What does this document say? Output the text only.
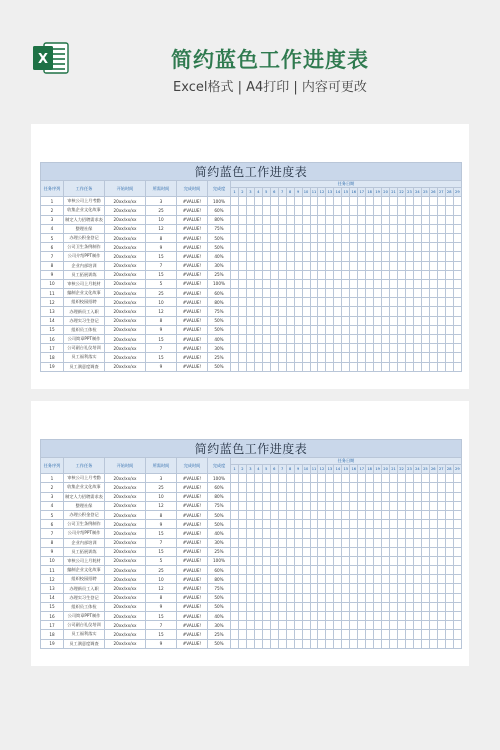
X	简约蓝色工作进度表
Excel格式 | A4打印 | 内容可更改
简约蓝色工作进度表																																		
任务序列	工作任务	开始时间	所需时间	完成时间	完成度	任务日期																												
						1	2	3	4	5	6	7	8	9	10	11	12	13	14	15	16	17	18	19	20	21	22	23	24	25	26	27	28	29
1	审核公司上月考勤	20xx/xx/xx	3	#VALUE!	100%																													
2	收集企业文化故事	20xx/xx/xx	25	#VALUE!	60%																													
3	制定人力招聘需求表	20xx/xx/xx	10	#VALUE!	80%																													
4	整理社保	20xx/xx/xx	12	#VALUE!	75%																													
5	办理公积金登记	20xx/xx/xx	8	#VALUE!	50%																													
6	公司卫生条例制作	20xx/xx/xx	9	#VALUE!	50%																													
7	公司介绍PPT制作	20xx/xx/xx	15	#VALUE!	40%																													
8	企业内部培训	20xx/xx/xx	7	#VALUE!	30%																													
9	员工拓展训练	20xx/xx/xx	15	#VALUE!	25%																													
10	审核公司上月耗材	20xx/xx/xx	5	#VALUE!	100%																													
11	编制企业文化故事	20xx/xx/xx	25	#VALUE!	60%																													
12	组织校园招聘	20xx/xx/xx	10	#VALUE!	80%																													
13	办理新员工入职	20xx/xx/xx	12	#VALUE!	75%																													
14	办理实习生登记	20xx/xx/xx	8	#VALUE!	50%																													
15	组织员工体检	20xx/xx/xx	9	#VALUE!	50%																													
16	公司简章PPT制作	20xx/xx/xx	15	#VALUE!	40%																													
17	公司副台礼仪培训	20xx/xx/xx	7	#VALUE!	30%																													
18	员工福利落实	20xx/xx/xx	15	#VALUE!	25%																													
19	员工满意度调查	20xx/xx/xx	9	#VALUE!	50%																													
简约蓝色工作进度表																																		
任务序列	工作任务	开始时间	所需时间	完成时间	完成度	任务日期																												
						1	2	3	4	5	6	7	8	9	10	11	12	13	14	15	16	17	18	19	20	21	22	23	24	25	26	27	28	29
1	审核公司上月考勤	20xx/xx/xx	3	#VALUE!	100%																													
2	收集企业文化故事	20xx/xx/xx	25	#VALUE!	60%																													
3	制定人力招聘需求表	20xx/xx/xx	10	#VALUE!	80%																													
4	整理社保	20xx/xx/xx	12	#VALUE!	75%																													
5	办理公积金登记	20xx/xx/xx	8	#VALUE!	50%																													
6	公司卫生条例制作	20xx/xx/xx	9	#VALUE!	50%																													
7	公司介绍PPT制作	20xx/xx/xx	15	#VALUE!	40%																													
8	企业内部培训	20xx/xx/xx	7	#VALUE!	30%																													
9	员工拓展训练	20xx/xx/xx	15	#VALUE!	25%																													
10	审核公司上月耗材	20xx/xx/xx	5	#VALUE!	100%																													
11	编制企业文化故事	20xx/xx/xx	25	#VALUE!	60%																													
12	组织校园招聘	20xx/xx/xx	10	#VALUE!	80%																													
13	办理新员工入职	20xx/xx/xx	12	#VALUE!	75%																													
14	办理实习生登记	20xx/xx/xx	8	#VALUE!	50%																													
15	组织员工体检	20xx/xx/xx	9	#VALUE!	50%																													
16	公司简章PPT制作	20xx/xx/xx	15	#VALUE!	40%																													
17	公司副台礼仪培训	20xx/xx/xx	7	#VALUE!	30%																													
18	员工福利落实	20xx/xx/xx	15	#VALUE!	25%																													
19	员工满意度调查	20xx/xx/xx	9	#VALUE!	50%																													
